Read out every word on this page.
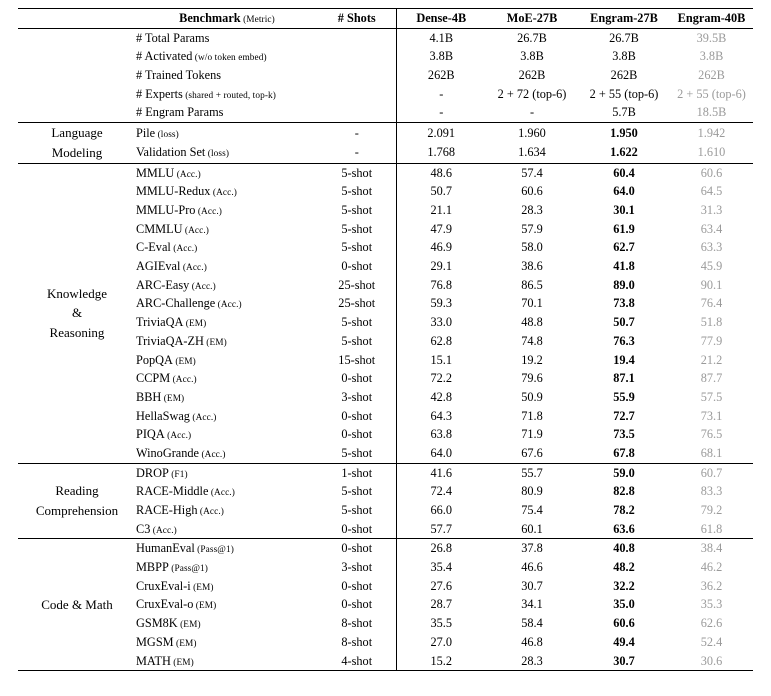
	Benchmark (Metric)	# Shots	Dense-4B	MoE-27B	Engram-27B	Engram-40B

	# Total Params		4.1B	26.7B	26.7B	39.5B
	# Activated (w/o token embed)		3.8B	3.8B	3.8B	3.8B
	# Trained Tokens		262B	262B	262B	262B
	# Experts (shared + routed, top-k)		-	2 + 72 (top-6)	2 + 55 (top-6)	2 + 55 (top-6)
	# Engram Params		-	-	5.7B	18.5B

Language
Modeling	Pile (loss)	-	2.091	1.960	1.950	1.942
	Validation Set (loss)	-	1.768	1.634	1.622	1.610

Knowledge
&
Reasoning	MMLU (Acc.)	5-shot	48.6	57.4	60.4	60.6
	MMLU-Redux (Acc.)	5-shot	50.7	60.6	64.0	64.5
	MMLU-Pro (Acc.)	5-shot	21.1	28.3	30.1	31.3
	CMMLU (Acc.)	5-shot	47.9	57.9	61.9	63.4
	C-Eval (Acc.)	5-shot	46.9	58.0	62.7	63.3
	AGIEval (Acc.)	0-shot	29.1	38.6	41.8	45.9
	ARC-Easy (Acc.)	25-shot	76.8	86.5	89.0	90.1
	ARC-Challenge (Acc.)	25-shot	59.3	70.1	73.8	76.4
	TriviaQA (EM)	5-shot	33.0	48.8	50.7	51.8
	TriviaQA-ZH (EM)	5-shot	62.8	74.8	76.3	77.9
	PopQA (EM)	15-shot	15.1	19.2	19.4	21.2
	CCPM (Acc.)	0-shot	72.2	79.6	87.1	87.7
	BBH (EM)	3-shot	42.8	50.9	55.9	57.5
	HellaSwag (Acc.)	0-shot	64.3	71.8	72.7	73.1
	PIQA (Acc.)	0-shot	63.8	71.9	73.5	76.5
	WinoGrande (Acc.)	5-shot	64.0	67.6	67.8	68.1

Reading
Comprehension	DROP (F1)	1-shot	41.6	55.7	59.0	60.7
	RACE-Middle (Acc.)	5-shot	72.4	80.9	82.8	83.3
	RACE-High (Acc.)	5-shot	66.0	75.4	78.2	79.2
	C3 (Acc.)	0-shot	57.7	60.1	63.6	61.8

Code & Math	HumanEval (Pass@1)	0-shot	26.8	37.8	40.8	38.4
	MBPP (Pass@1)	3-shot	35.4	46.6	48.2	46.2
	CruxEval-i (EM)	0-shot	27.6	30.7	32.2	36.2
	CruxEval-o (EM)	0-shot	28.7	34.1	35.0	35.3
	GSM8K (EM)	8-shot	35.5	58.4	60.6	62.6
	MGSM (EM)	8-shot	27.0	46.8	49.4	52.4
	MATH (EM)	4-shot	15.2	28.3	30.7	30.6
